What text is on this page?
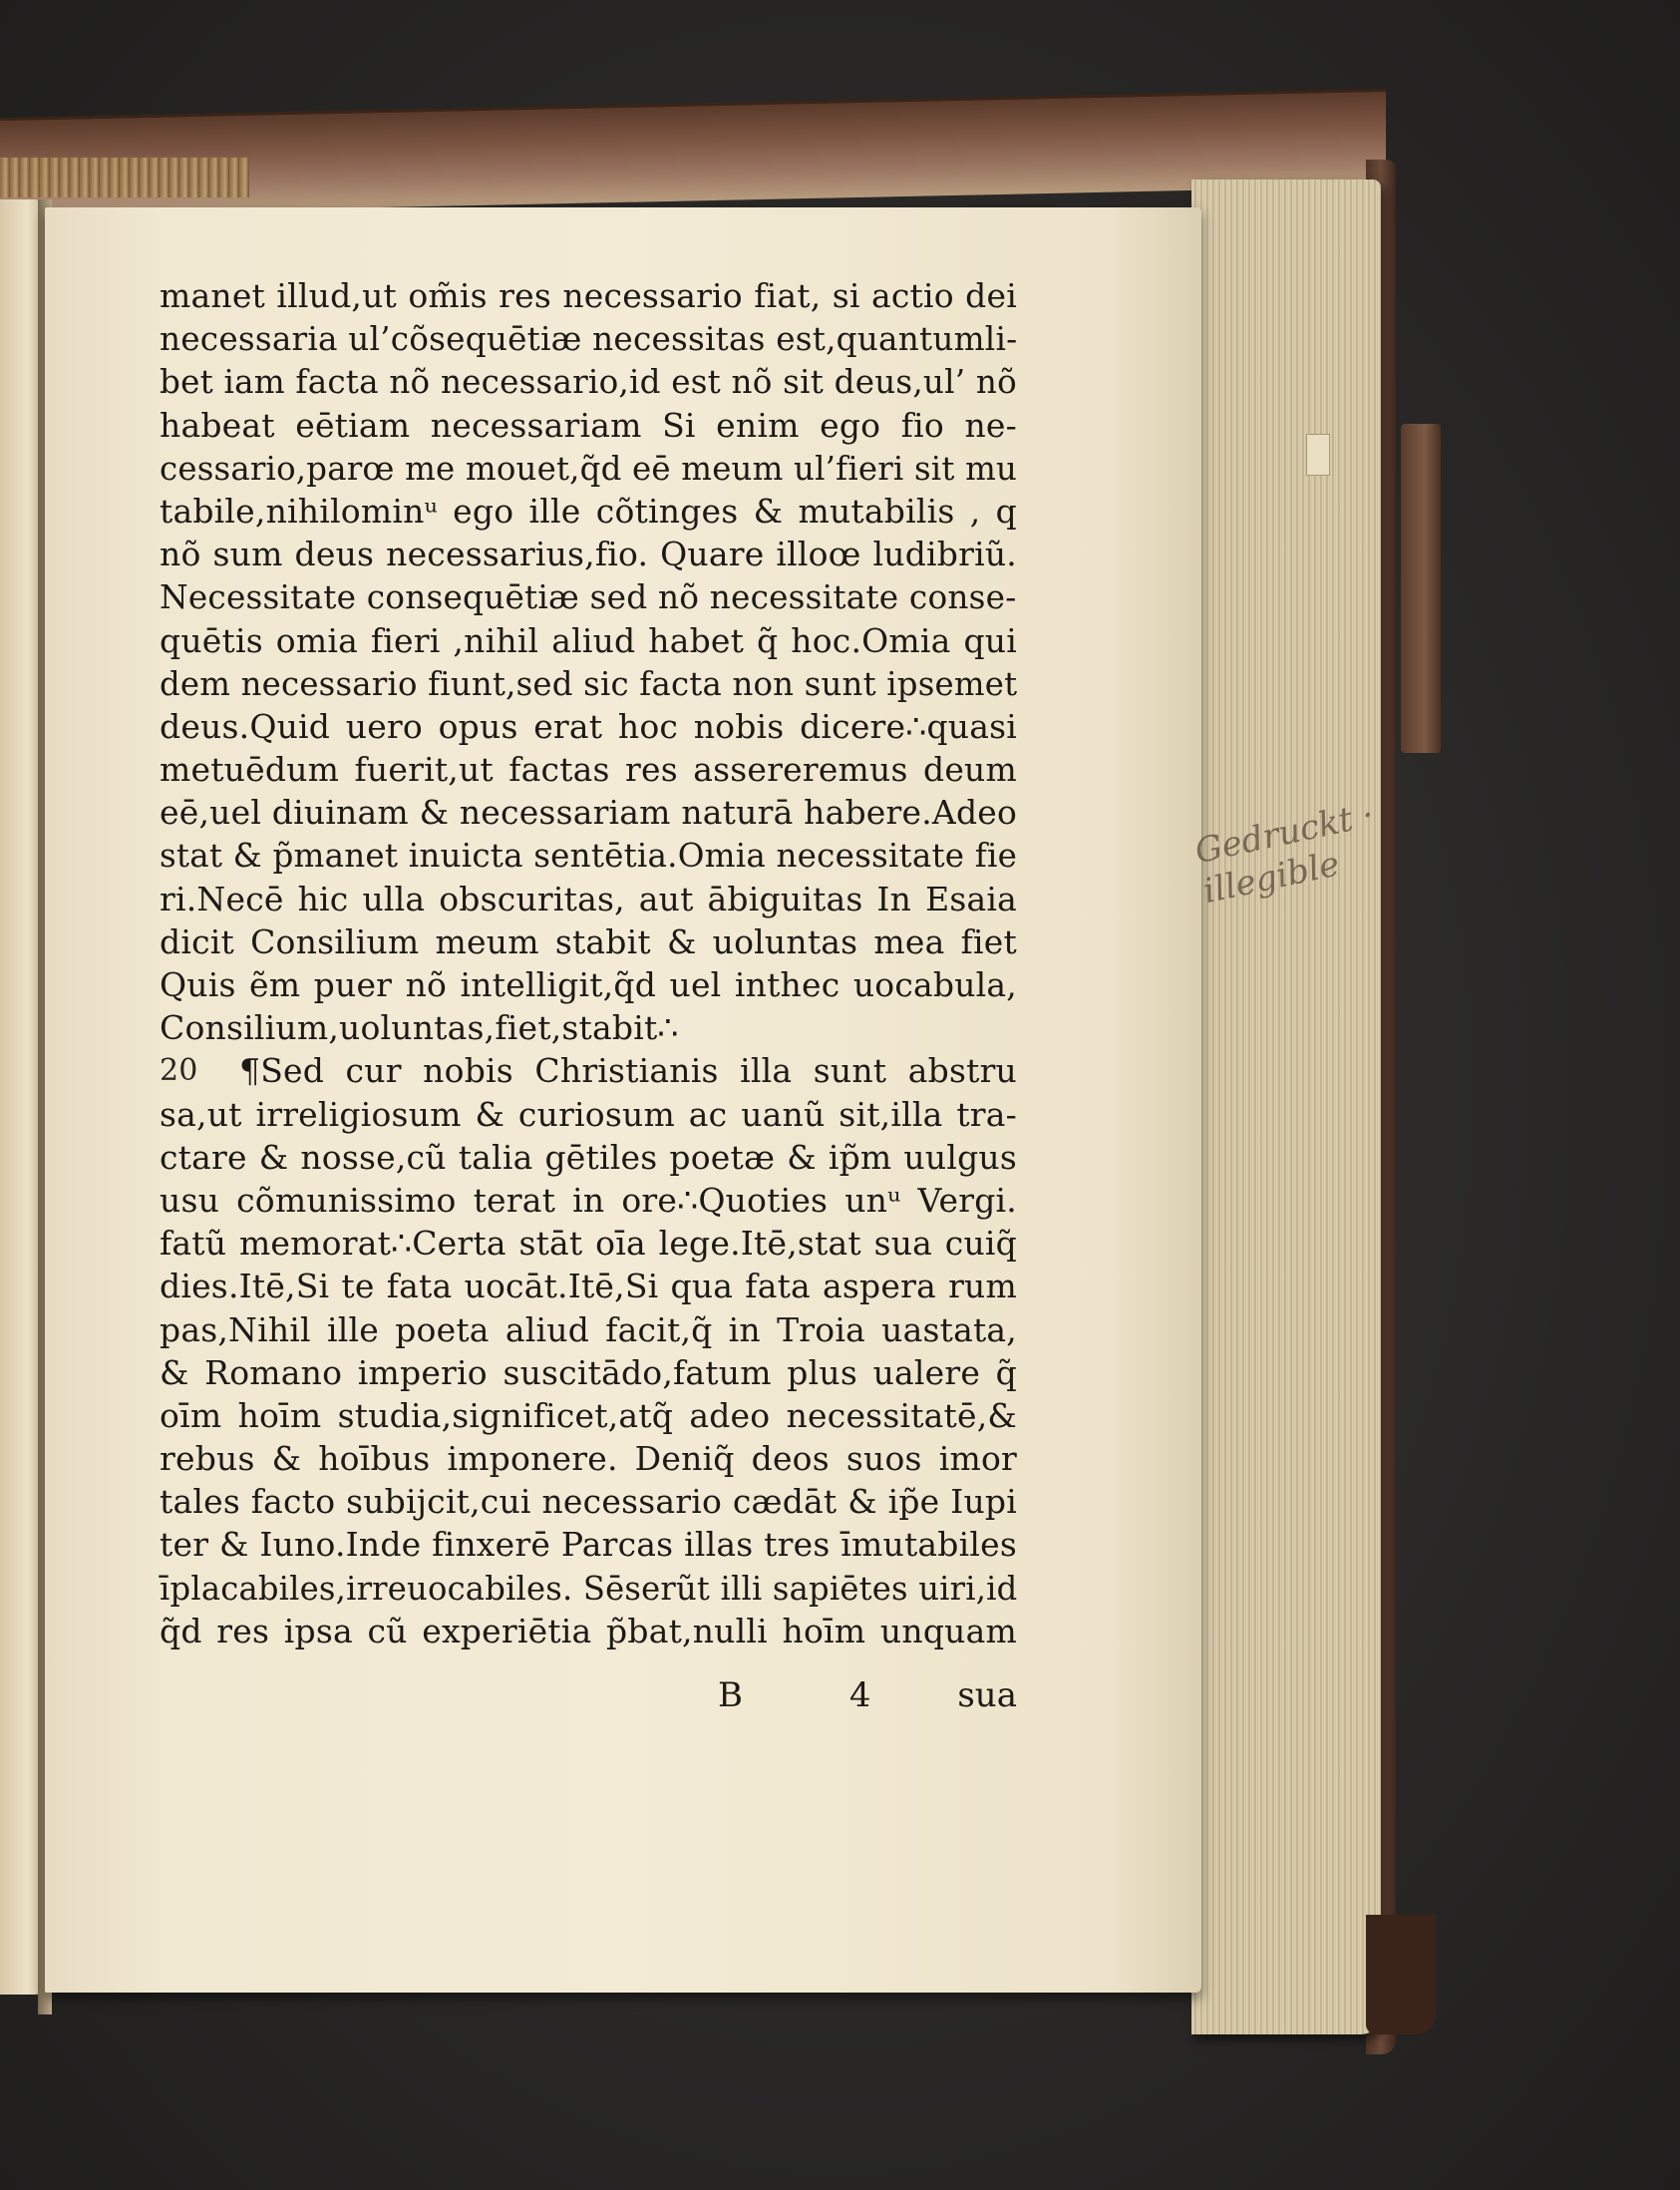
Gedruckt · illegible
manet illud,ut om̃is res necessario fiat, si actio dei
necessaria ul’cõsequētiæ necessitas est,quantumli‐
bet iam facta nõ necessario,id est nõ sit deus,ul’ nõ
habeat eētiam necessariam Si enim ego fio ne‐
cessario,parœ me mouet,q̃d eē meum ul’fieri sit mu
tabile,nihilominᵘ ego ille cõtinges & mutabilis , q
nõ sum deus necessarius,fio. Quare illoœ ludibriũ.
Necessitate consequētiæ sed nõ necessitate conse‐
quētis omia fieri ,nihil aliud habet q̃ hoc.Omia qui
dem necessario fiunt,sed sic facta non sunt ipsemet
deus.Quid uero opus erat hoc nobis dicere∴quasi
metuēdum fuerit,ut factas res assereremus deum
eē,uel diuinam & necessariam naturā habere.Adeo
stat & p̃manet inuicta sentētia.Omia necessitate fie
ri.Necē hic ulla obscuritas, aut ābiguitas In Esaia
dicit Consilium meum stabit & uoluntas mea fiet
Quis ẽm puer nõ intelligit,q̃d uel inthec uocabula,
Consilium,uoluntas,fiet,stabit∴
20 ¶Sed cur nobis Christianis illa sunt abstru
sa,ut irreligiosum & curiosum ac uanũ sit,illa tra‐
ctare & nosse,cũ talia gētiles poetæ & ip̃m uulgus
usu cõmunissimo terat in ore∴Quoties unᵘ Vergi.
fatũ memorat∴Certa stāt oīa lege.Itē,stat sua cuiq̃
dies.Itē,Si te fata uocāt.Itē,Si qua fata aspera rum
pas,Nihil ille poeta aliud facit,q̃ in Troia uastata,
& Romano imperio suscitādo,fatum plus ualere q̃
oīm hoīm studia,significet,atq̃ adeo necessitatē,&
rebus & hoībus imponere. Deniq̃ deos suos imor
tales facto subijcit,cui necessario cædāt & ip̃e Iupi
ter & Iuno.Inde finxerē Parcas illas tres īmutabiles
īplacabiles,irreuocabiles. Sēserũt illi sapiētes uiri,id
q̃d res ipsa cũ experiētia p̃bat,nulli hoīm unquam
B	4	sua
